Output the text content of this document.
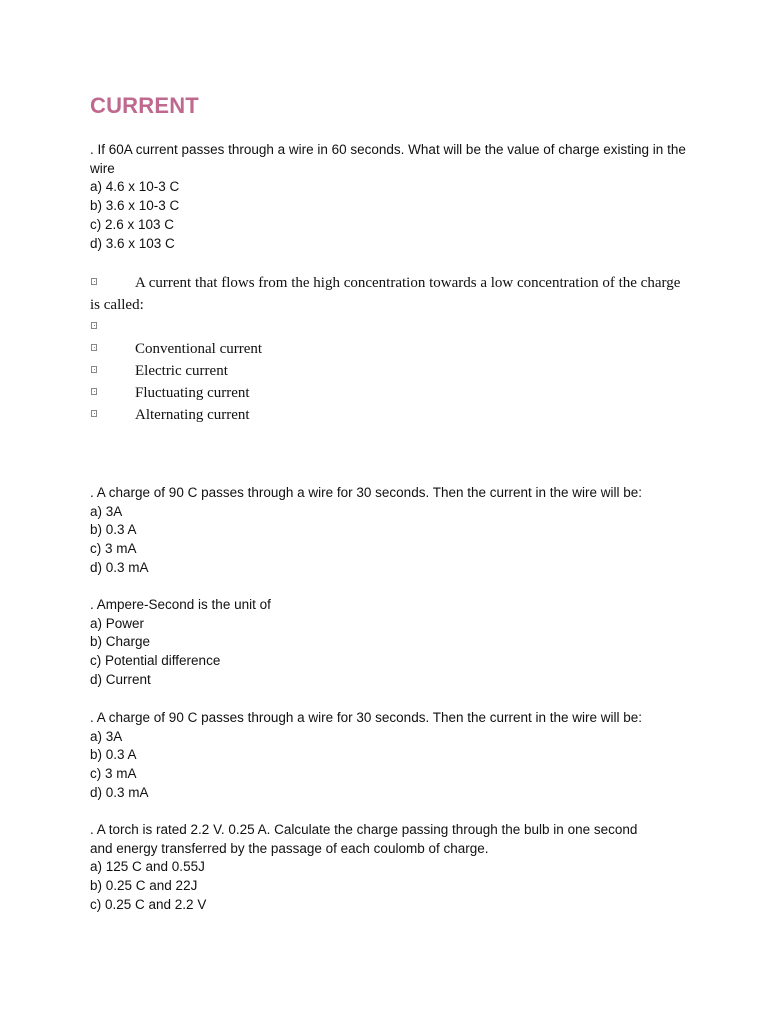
CURRENT
. If 60A current passes through a wire in 60 seconds. What will be the value of charge existing in the wire
a) 4.6 x 10-3 C
b) 3.6 x 10-3 C
c) 2.6 x 103 C
d) 3.6 x 103 C
A current that flows from the high concentration towards a low concentration of the charge
is called:
Conventional current
Electric current
Fluctuating current
Alternating current
. A charge of 90 C passes through a wire for 30 seconds. Then the current in the wire will be:
a) 3A
b) 0.3 A
c) 3 mA
d) 0.3 mA
. Ampere-Second is the unit of
a) Power
b) Charge
c) Potential difference
d) Current
. A charge of 90 C passes through a wire for 30 seconds. Then the current in the wire will be:
a) 3A
b) 0.3 A
c) 3 mA
d) 0.3 mA
. A torch is rated 2.2 V. 0.25 A. Calculate the charge passing through the bulb in one second
and energy transferred by the passage of each coulomb of charge.
a) 125 C and 0.55J
b) 0.25 C and 22J
c) 0.25 C and 2.2 V
